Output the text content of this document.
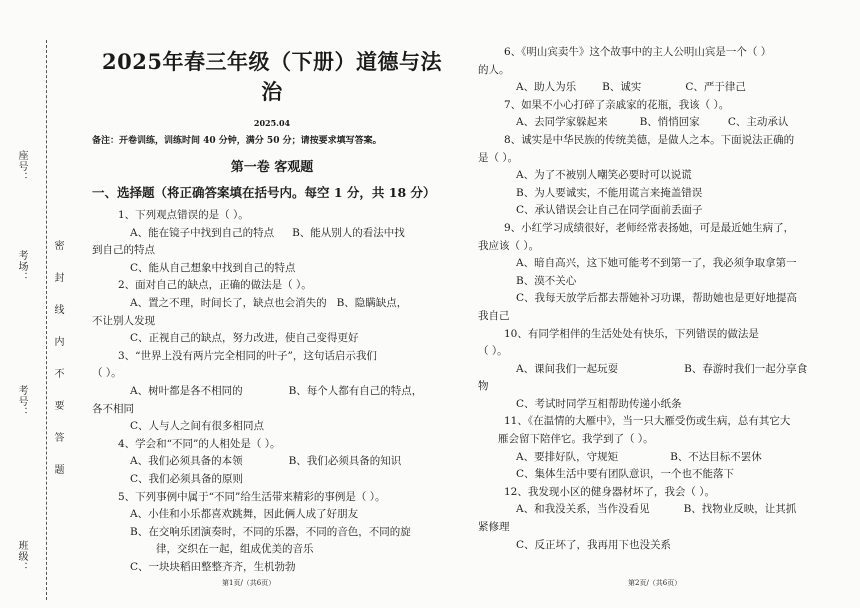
座号：
考场：
考号：
班级：
密封线内不要答题
2025年春三年级（下册）道德与法治
2025.04
备注：开卷训练，训练时间 40 分钟，满分 50 分；请按要求填写答案。
第一卷 客观题
一、选择题（将正确答案填在括号内。每空 1 分，共 18 分）
1、下列观点错误的是（ ）。
A、能在镜子中找到自己的特点 B、能从别人的看法中找
到自己的特点
C、能从自己想象中找到自己的特点
2、面对自己的缺点，正确的做法是（ ）。
A、置之不理，时间长了，缺点也会消失的 B、隐瞒缺点，
不让别人发现
C、正视自己的缺点，努力改进，使自己变得更好
3、“世界上没有两片完全相同的叶子”，这句话启示我们
（ ）。
A、树叶都是各不相同的	B、每个人都有自己的特点，
各不相同
C、人与人之间有很多相同点
4、学会和“不同”的人相处是（ ）。
A、我们必须具备的本领	B、我们必须具备的知识
C、我们必须具备的原则
5、下列事例中属于“不同”给生活带来精彩的事例是（ ）。
A、小佳和小乐都喜欢跳舞，因此俩人成了好朋友
B、在交响乐团演奏时，不同的乐器，不同的音色，不同的旋
律，交织在一起，组成优美的音乐
C、一块块稻田整整齐齐，生机勃勃
第1页/（共6页）
6、《明山宾卖牛》这个故事中的主人公明山宾是一个（ ）
的人。
A、助人为乐 B、诚实	C、严于律己
7、如果不小心打碎了亲戚家的花瓶，我该（ ）。
A、去同学家躲起来	B、悄悄回家	C、主动承认
8、诚实是中华民族的传统美德，是做人之本。下面说法正确的
是（ ）。
A、为了不被别人嘲笑必要时可以说谎
B、为人要诚实，不能用谎言来掩盖错误
C、承认错误会让自己在同学面前丢面子
9、小红学习成绩很好，老师经常表扬她，可是最近她生病了，
我应该（ ）。
A、暗自高兴，这下她可能考不到第一了，我必须争取拿第一
B、漠不关心
C、我每天放学后都去帮她补习功课，帮助她也是更好地提高
我自己
10、有同学相伴的生活处处有快乐，下列错误的做法是
（ ）。
A、课间我们一起玩耍	B、春游时我们一起分享食
物
C、考试时同学互相帮助传递小纸条
11、《在温情的大雁中》，当一只大雁受伤或生病，总有其它大
雁会留下陪伴它。我学到了（ ）。
A、要排好队，守规矩	B、不达目标不罢休
C、集体生活中要有团队意识，一个也不能落下
12、我发现小区的健身器材坏了，我会（ ）。
A、和我没关系，当作没看见	B、找物业反映，让其抓
紧修理
C、反正坏了，我再用下也没关系
第2页/（共6页）
